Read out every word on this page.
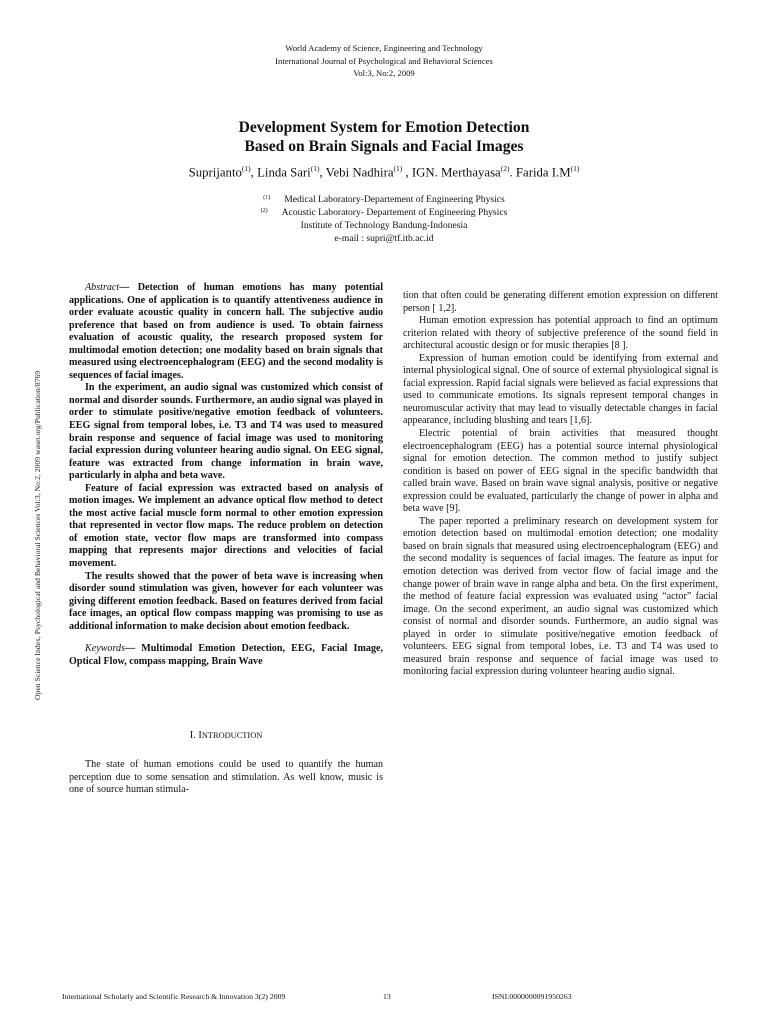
World Academy of Science, Engineering and Technology
International Journal of Psychological and Behavioral Sciences
Vol:3, No:2, 2009
Development System for Emotion Detection
Based on Brain Signals and Facial Images
Suprijanto$^{(1)}$, Linda Sari$^{(1)}$, Vebi Nadhira$^{(1)}$ , IGN. Merthayasa$^{(2)}$. Farida $I.M^{(1)}$
(1) Medical Laboratory-Departement of Engineering Physics
(2) Acoustic Laboratory- Departement of Engineering Physics
Institute of Technology Bandung-Indonesia
e-mail : supri@tf.itb.ac.id

Abstract— Detection of human emotions has many potential applications. One of application is to quantify attentiveness audience in order evaluate acoustic quality in concern hall. The subjective audio preference that based on from audience is used. To obtain fairness evaluation of acoustic quality, the research proposed system for multimodal emotion detection; one modality based on brain signals that measured using electroencephalogram (EEG) and the second modality is sequences of facial images.

In the experiment, an audio signal was customized which consist of normal and disorder sounds. Furthermore, an audio signal was played in order to stimulate positive/negative emotion feedback of volunteers. EEG signal from temporal lobes, i.e. T3 and T4 was used to measured brain response and sequence of facial image was used to monitoring facial expression during volunteer hearing audio signal. On EEG signal, feature was extracted from change information in brain wave, particularly in alpha and beta wave.

Feature of facial expression was extracted based on analysis of motion images. We implement an advance optical flow method to detect the most active facial muscle form normal to other emotion expression that represented in vector flow maps. The reduce problem on detection of emotion state, vector flow maps are transformed into compass mapping that represents major directions and velocities of facial movement.

The results showed that the power of beta wave is increasing when disorder sound stimulation was given, however for each volunteer was giving different emotion feedback. Based on features derived from facial face images, an optical flow compass mapping was promising to use as additional information to make decision about emotion feedback.

Keywords— Multimodal Emotion Detection, EEG, Facial Image, Optical Flow, compass mapping, Brain Wave

I. INTRODUCTION

The state of human emotions could be used to quantify the human perception due to some sensation and stimulation. As well know, music is one of source human stimula-

tion that often could be generating different emotion expression on different person [ 1,2].

Human emotion expression has potential approach to find an optimum criterion related with theory of subjective preference of the sound field in architectural acoustic design or for music therapies [8 ].

Expression of human emotion could be identifying from external and internal physiological signal. One of source of external physiological signal is facial expression. Rapid facial signals were believed as facial expressions that used to communicate emotions. Its signals represent temporal changes in neuromuscular activity that may lead to visually detectable changes in facial appearance, including blushing and tears [1,6].

Electric potential of brain activities that measured thought electroencephalogram (EEG) has a potential source internal physiological signal for emotion detection. The common method to justify subject condition is based on power of EEG signal in the specific bandwidth that called brain wave. Based on brain wave signal analysis, positive or negative expression could be evaluated, particularly the change of power in alpha and beta wave [9].

The paper reported a preliminary research on development system for emotion detection based on multimodal emotion detection; one modality based on brain signals that measured using electroencephalogram (EEG) and the second modality is sequences of facial images. The feature as input for emotion detection was derived from vector flow of facial image and the change power of brain wave in range alpha and beta. On the first experiment, the method of feature facial expression was evaluated using “actor” facial image. On the second experiment, an audio signal was customized which consist of normal and disorder sounds. Furthermore, an audio signal was played in order to stimulate positive/negative emotion feedback of volunteers. EEG signal from temporal lobes, i.e. T3 and T4 was used to measured brain response and sequence of facial image was used to monitoring facial expression during volunteer hearing audio signal.

Open Science Index, Psychological and Behavioral Sciences Vol:3, No:2, 2009 waset.org/Publication/8769
International Scholarly and Scientific Research & Innovation 3(2) 2009	13	ISNI:0000000091950263
